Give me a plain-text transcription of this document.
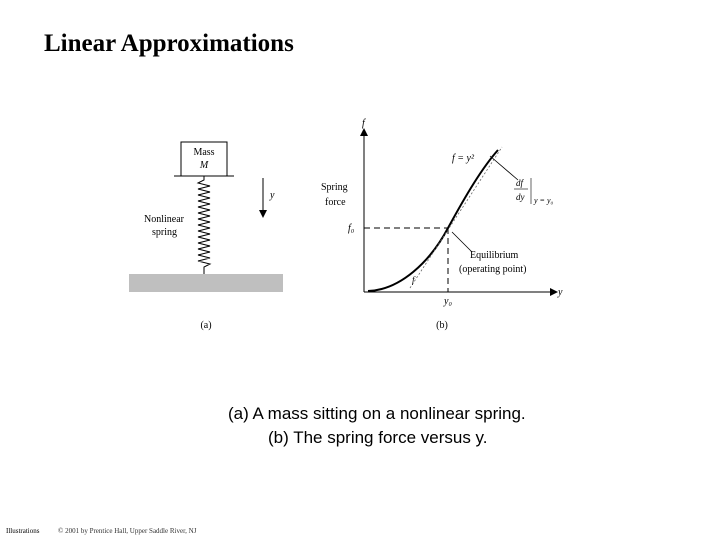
Linear Approximations
Mass
M
y
Nonlinear
spring
(a)
f
y
Spring
force
f₀
y₀
f = y²
df
dy y = y₀
Equilibrium
(operating point)
f
(b)
(a) A mass sitting on a nonlinear spring.
(b) The spring force versus y.
Illustrations	© 2001 by Prentice Hall, Upper Saddle River, NJ
